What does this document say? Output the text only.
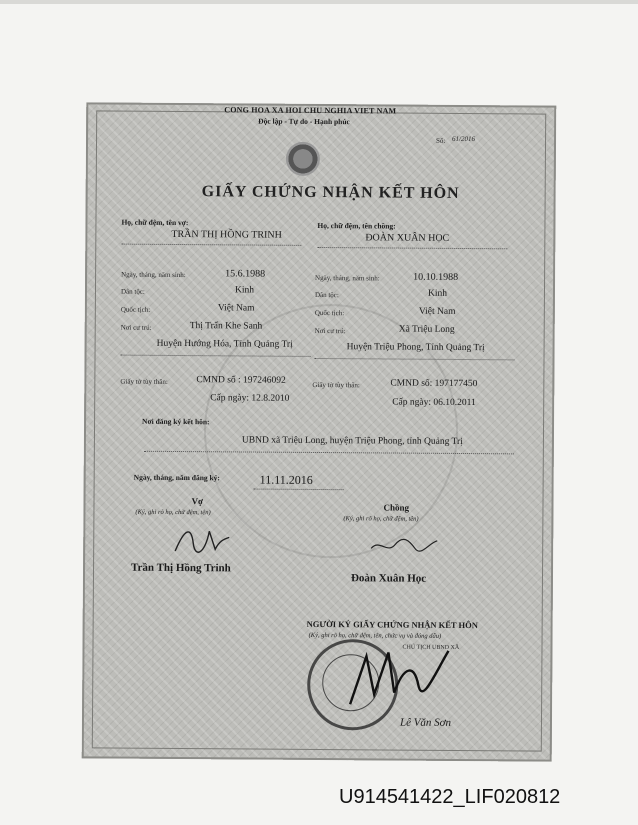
CONG HOA XA HOI CHU NGHIA VIET NAM
Độc lập - Tự do - Hạnh phúc
Số: 61/2016
GIẤY CHỨNG NHẬN KẾT HÔN
Họ, chữ đệm, tên vợ:
TRẦN THỊ HỒNG TRINH
Ngày, tháng, năm sinh:	15.6.1988
Dân tộc:	Kinh
Quốc tịch:	Việt Nam
Nơi cư trú:	Thị Trấn Khe Sanh
Huyện Hướng Hóa, Tỉnh Quảng Trị
Giấy tờ tùy thân:	CMND số : 197246092
Cấp ngày: 12.8.2010
Họ, chữ đệm, tên chồng:
ĐOÀN XUÂN HỌC
Ngày, tháng, năm sinh:	10.10.1988
Dân tộc:	Kinh
Quốc tịch:	Việt Nam
Nơi cư trú:	Xã Triệu Long
Huyện Triệu Phong, Tỉnh Quảng Trị
Giấy tờ tùy thân:	CMND số: 197177450
Cấp ngày: 06.10.2011
Nơi đăng ký kết hôn:
UBND xã Triệu Long, huyện Triệu Phong, tỉnh Quảng Trị
Ngày, tháng, năm đăng ký:	11.11.2016
Vợ
(Ký, ghi rõ họ, chữ đệm, tên)
Trần Thị Hồng Trinh
Chồng
(Ký, ghi rõ họ, chữ đệm, tên)
Đoàn Xuân Học
NGƯỜI KÝ GIẤY CHỨNG NHẬN KẾT HÔN
(Ký, ghi rõ họ, chữ đệm, tên, chức vụ và đóng dấu)
CHỦ TỊCH UBND XÃ
Lê Văn Sơn
U914541422_LIF020812
